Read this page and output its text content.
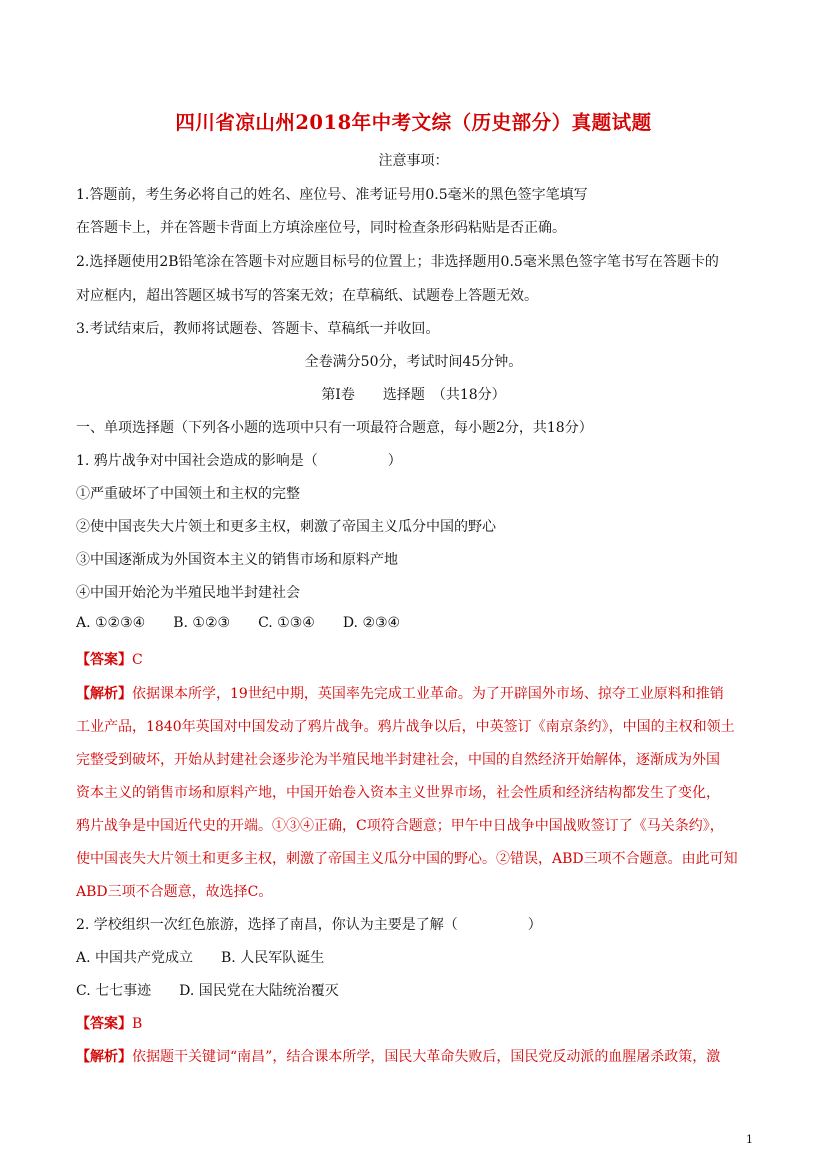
四川省凉山州2018年中考文综（历史部分）真题试题
注意事项：
1.答题前，考生务必将自己的姓名、座位号、准考证号用0.5毫米的黑色签字笔填写
在答题卡上，并在答题卡背面上方填涂座位号，同时检查条形码粘贴是否正确。
2.选择题使用2B铅笔涂在答题卡对应题目标号的位置上；非选择题用0.5毫米黑色签字笔书写在答题卡的
对应框内，超出答题区城书写的答案无效；在草稿纸、试题卷上答题无效。
3.考试结束后，教师将试题卷、答题卡、草稿纸一并收回。
全卷满分50分，考试时间45分钟。
第Ⅰ卷　　选择题　（共18分）
一、单项选择题（下列各小题的选项中只有一项最符合题意，每小题2分，共18分）
1. 鸦片战争对中国社会造成的影响是（　　　　　）
①严重破坏了中国领土和主权的完整
②使中国丧失大片领土和更多主权，刺激了帝国主义瓜分中国的野心
③中国逐渐成为外国资本主义的销售市场和原料产地
④中国开始沦为半殖民地半封建社会
A. ①②③④ B. ①②③ C. ①③④ D. ②③④
【答案】C
【解析】依据课本所学，19世纪中期，英国率先完成工业革命。为了开辟国外市场、掠夺工业原料和推销
工业产品，1840年英国对中国发动了鸦片战争。鸦片战争以后，中英签订《南京条约》，中国的主权和领土
完整受到破坏，开始从封建社会逐步沦为半殖民地半封建社会，中国的自然经济开始解体，逐渐成为外国
资本主义的销售市场和原料产地，中国开始卷入资本主义世界市场，社会性质和经济结构都发生了变化，
鸦片战争是中国近代史的开端。①③④正确，C项符合题意；甲午中日战争中国战败签订了《马关条约》，
使中国丧失大片领土和更多主权，刺激了帝国主义瓜分中国的野心。②错误，ABD三项不合题意。由此可知
ABD三项不合题意，故选择C。
2. 学校组织一次红色旅游，选择了南昌，你认为主要是了解（　　　　　）
A. 中国共产党成立 B. 人民军队诞生
C. 七七事迹 D. 国民党在大陆统治覆灭
【答案】B
【解析】依据题干关键词“南昌”，结合课本所学，国民大革命失败后，国民党反动派的血腥屠杀政策，激
1
